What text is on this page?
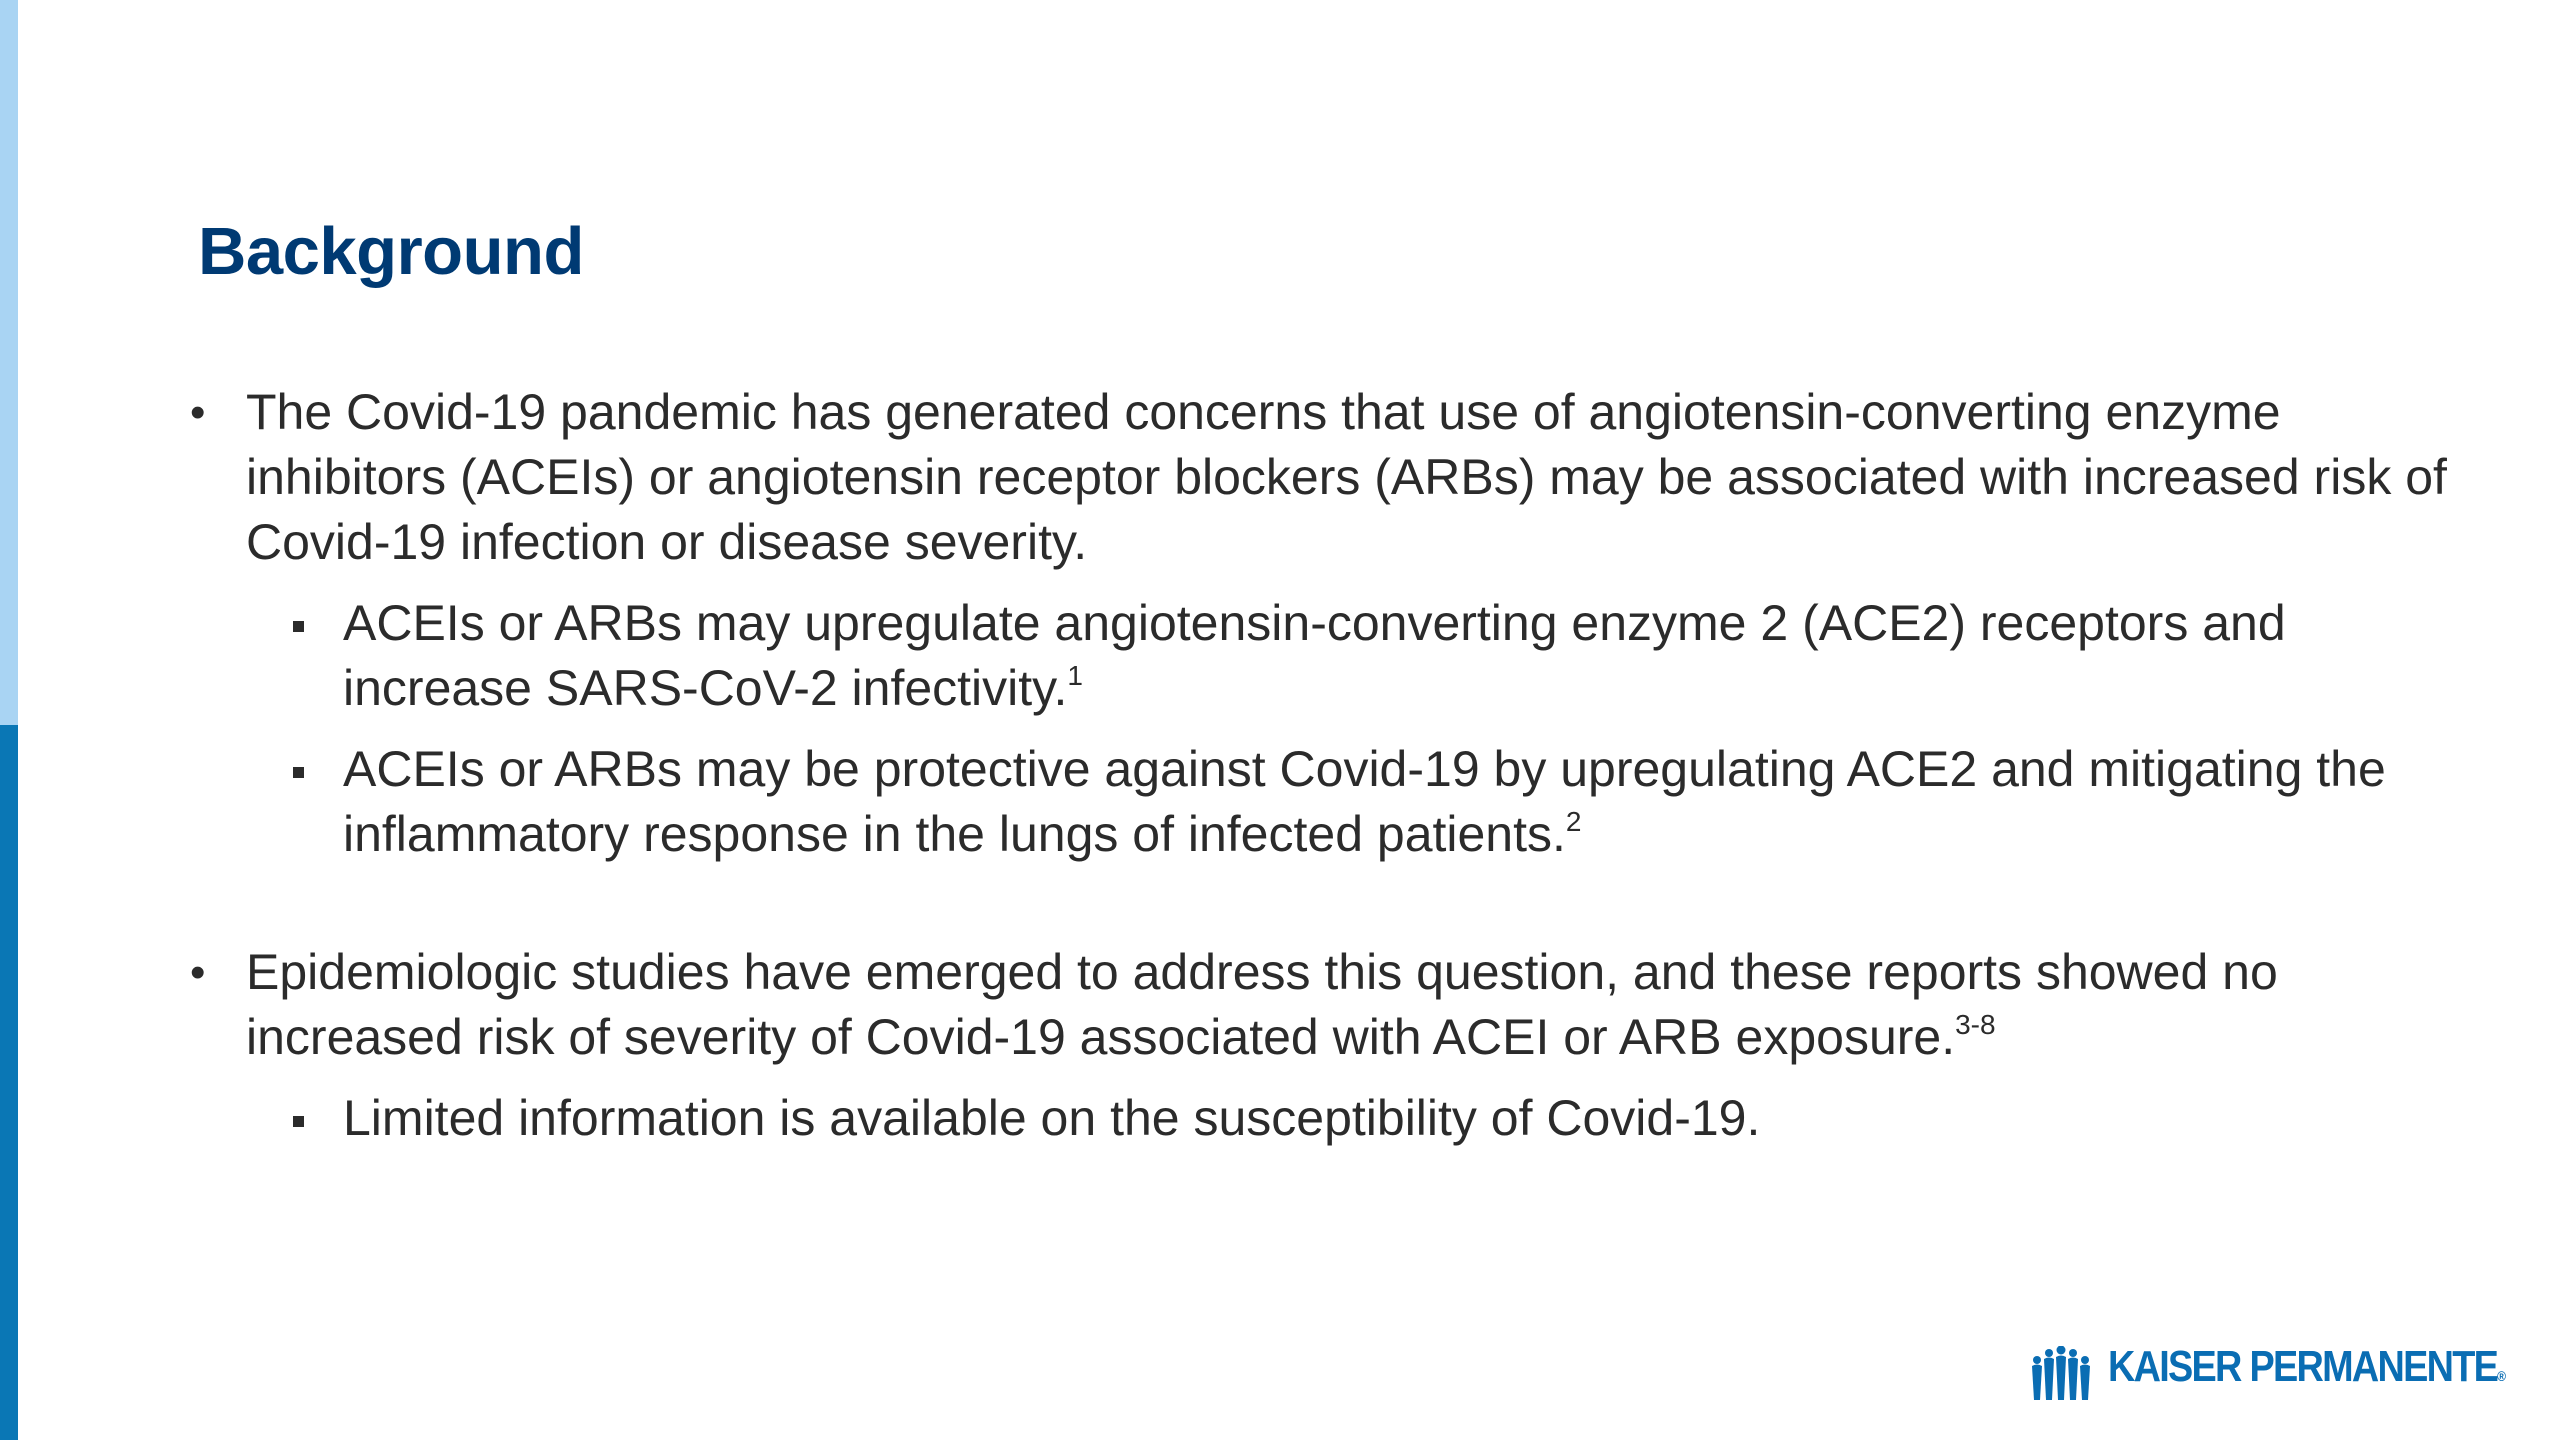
Background

• The Covid-19 pandemic has generated concerns that use of angiotensin-converting enzyme inhibitors (ACEIs) or angiotensin receptor blockers (ARBs) may be associated with increased risk of Covid-19 infection or disease severity.

ACEIs or ARBs may upregulate angiotensin-converting enzyme 2 (ACE2) receptors and increase SARS-CoV-2 infectivity.$^1$

ACEIs or ARBs may be protective against Covid-19 by upregulating ACE2 and mitigating the inflammatory response in the lungs of infected patients.$^2$

• Epidemiologic studies have emerged to address this question, and these reports showed no increased risk of severity of Covid-19 associated with ACEI or ARB exposure.$^{3-8}$

Limited information is available on the susceptibility of Covid-19.

KAISER PERMANENTE®
